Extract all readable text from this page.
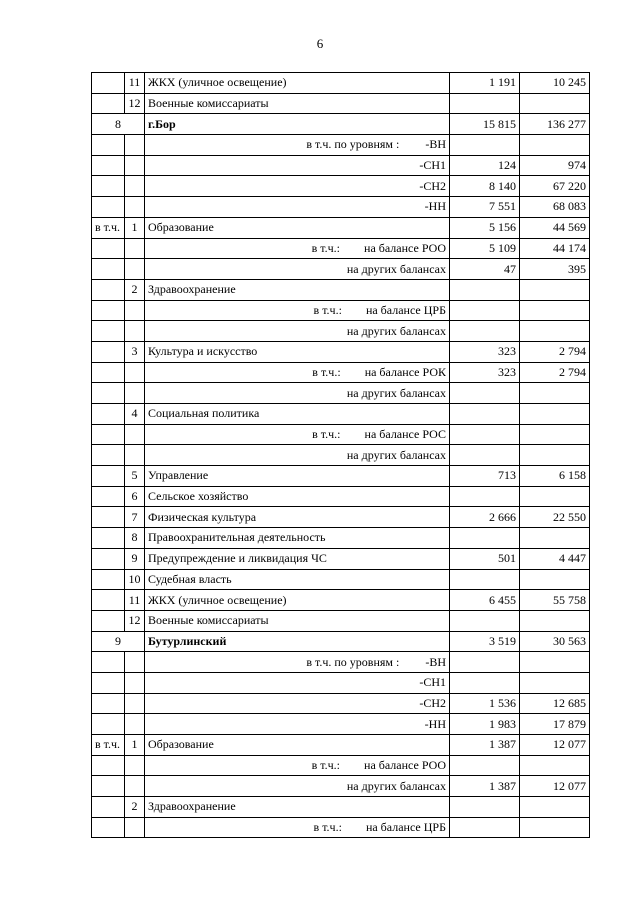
6
	11	ЖКХ (уличное освещение)	1 191	10 245
	12	Военные комиссариаты		
8		г.Бор	15 815	136 277
		в т.ч. по уровням : -ВН		
		-СН1	124	974
		-СН2	8 140	67 220
		-НН	7 551	68 083
в т.ч.	1	Образование	5 156	44 569
		в т.ч.: на балансе РОО	5 109	44 174
		на других балансах	47	395
	2	Здравоохранение		
		в т.ч.: на балансе ЦРБ		
		на других балансах		
	3	Культура и искусство	323	2 794
		в т.ч.: на балансе РОК	323	2 794
		на других балансах		
	4	Социальная политика		
		в т.ч.: на балансе РОС		
		на других балансах		
	5	Управление	713	6 158
	6	Сельское хозяйство		
	7	Физическая культура	2 666	22 550
	8	Правоохранительная деятельность		
	9	Предупреждение и ликвидация ЧС	501	4 447
	10	Судебная власть		
	11	ЖКХ (уличное освещение)	6 455	55 758
	12	Военные комиссариаты		
9		Бутурлинский	3 519	30 563
		в т.ч. по уровням : -ВН		
		-СН1		
		-СН2	1 536	12 685
		-НН	1 983	17 879
в т.ч.	1	Образование	1 387	12 077
		в т.ч.: на балансе РОО		
		на других балансах	1 387	12 077
	2	Здравоохранение		
		в т.ч.: на балансе ЦРБ		
